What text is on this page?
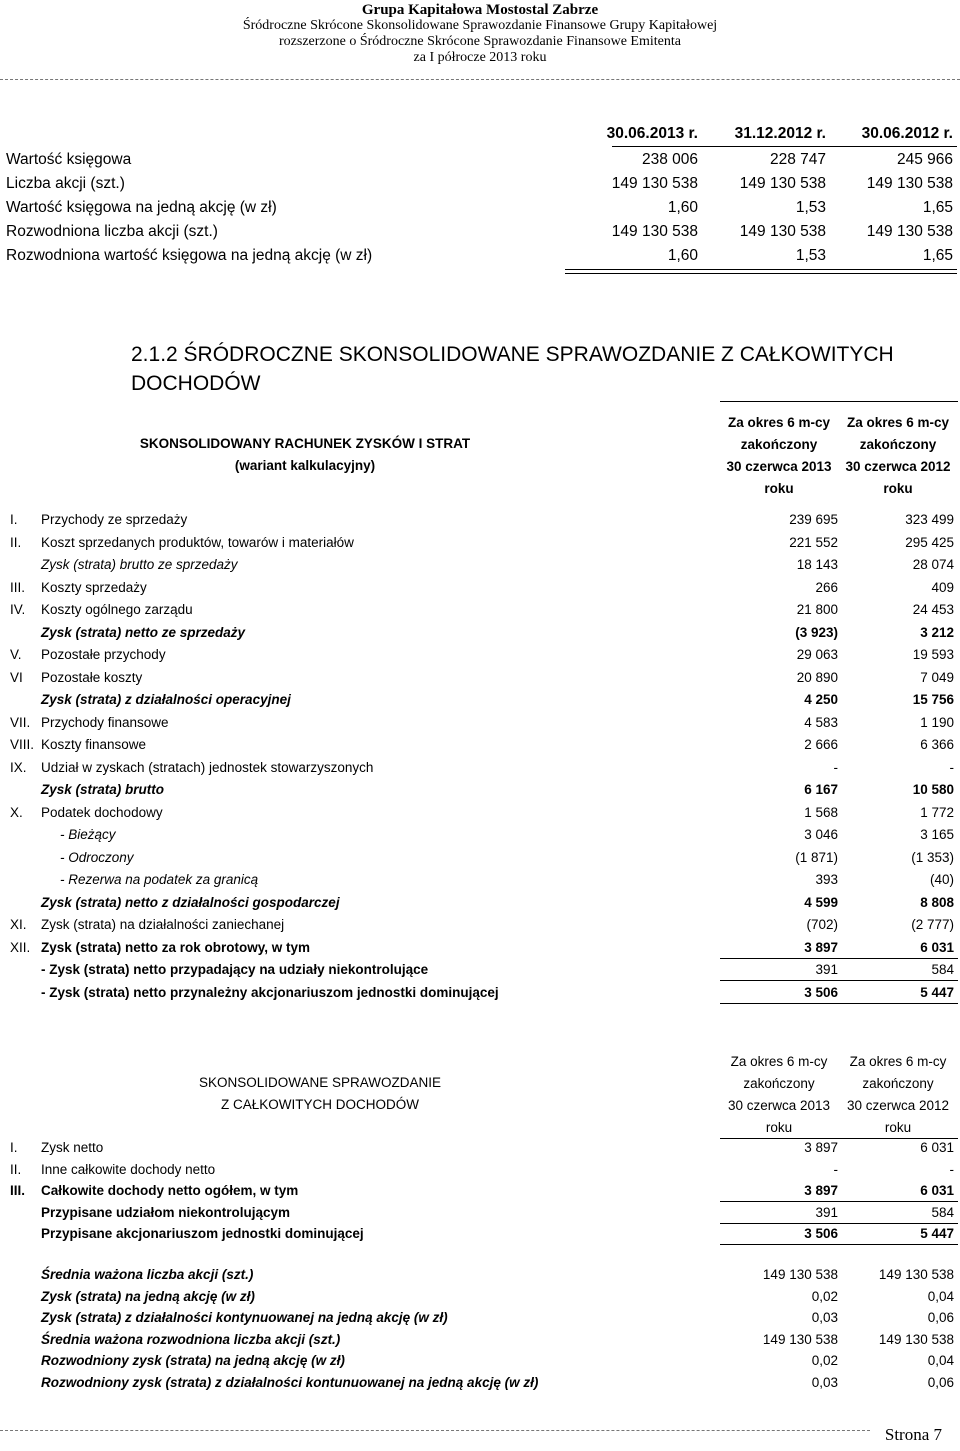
Grupa Kapitałowa Mostostal Zabrze
Śródroczne Skrócone Skonsolidowane Sprawozdanie Finansowe Grupy Kapitałowej
rozszerzone o Śródroczne Skrócone Sprawozdanie Finansowe Emitenta
za I półrocze 2013 roku
30.06.2013 r. 31.12.2012 r. 30.06.2012 r.
Wartość księgowa	238 006	228 747	245 966
Liczba akcji (szt.)	149 130 538	149 130 538	149 130 538
Wartość księgowa na jedną akcję (w zł)	1,60	1,53	1,65
Rozwodniona liczba akcji (szt.)	149 130 538	149 130 538	149 130 538
Rozwodniona wartość księgowa na jedną akcję (w zł)	1,60	1,53	1,65
2.1.2 ŚRÓDROCZNE SKONSOLIDOWANE SPRAWOZDANIE Z CAŁKOWITYCH
DOCHODÓW
SKONSOLIDOWANY RACHUNEK ZYSKÓW I STRAT
(wariant kalkulacyjny)
Za okres 6 m-cy	Za okres 6 m-cy
zakończony	zakończony
30 czerwca 2013	30 czerwca 2012
roku	roku
I. Przychody ze sprzedaży	239 695	323 499
II. Koszt sprzedanych produktów, towarów i materiałów	221 552	295 425
Zysk (strata) brutto ze sprzedaży	18 143	28 074
III. Koszty sprzedaży	266	409
IV. Koszty ogólnego zarządu	21 800	24 453
Zysk (strata) netto ze sprzedaży	(3 923)	3 212
V. Pozostałe przychody	29 063	19 593
VI Pozostałe koszty	20 890	7 049
Zysk (strata) z działalności operacyjnej	4 250	15 756
VII. Przychody finansowe	4 583	1 190
VIII. Koszty finansowe	2 666	6 366
IX. Udział w zyskach (stratach) jednostek stowarzyszonych	-	-
Zysk (strata) brutto	6 167	10 580
X. Podatek dochodowy	1 568	1 772
- Bieżący	3 046	3 165
- Odroczony	(1 871)	(1 353)
- Rezerwa na podatek za granicą	393	(40)
Zysk (strata) netto z działalności gospodarczej	4 599	8 808
XI. Zysk (strata) na działalności zaniechanej	(702)	(2 777)
XII. Zysk (strata) netto za rok obrotowy, w tym	3 897	6 031
- Zysk (strata) netto przypadający na udziały niekontrolujące	391	584
- Zysk (strata) netto przynależny akcjonariuszom jednostki dominującej	3 506	5 447
SKONSOLIDOWANE SPRAWOZDANIE
Z CAŁKOWITYCH DOCHODÓW
Za okres 6 m-cy	Za okres 6 m-cy
zakończony	zakończony
30 czerwca 2013	30 czerwca 2012
roku	roku
I. Zysk netto	3 897	6 031
II. Inne całkowite dochody netto	-	-
III. Całkowite dochody netto ogółem, w tym	3 897	6 031
Przypisane udziałom niekontrolującym	391	584
Przypisane akcjonariuszom jednostki dominującej	3 506	5 447
Średnia ważona liczba akcji (szt.)	149 130 538	149 130 538
Zysk (strata) na jedną akcję (w zł)	0,02	0,04
Zysk (strata) z działalności kontynuowanej na jedną akcję (w zł)	0,03	0,06
Średnia ważona rozwodniona liczba akcji (szt.)	149 130 538	149 130 538
Rozwodniony zysk (strata) na jedną akcję (w zł)	0,02	0,04
Rozwodniony zysk (strata) z działalności kontunuowanej na jedną akcję (w zł)	0,03	0,06
Strona 7
